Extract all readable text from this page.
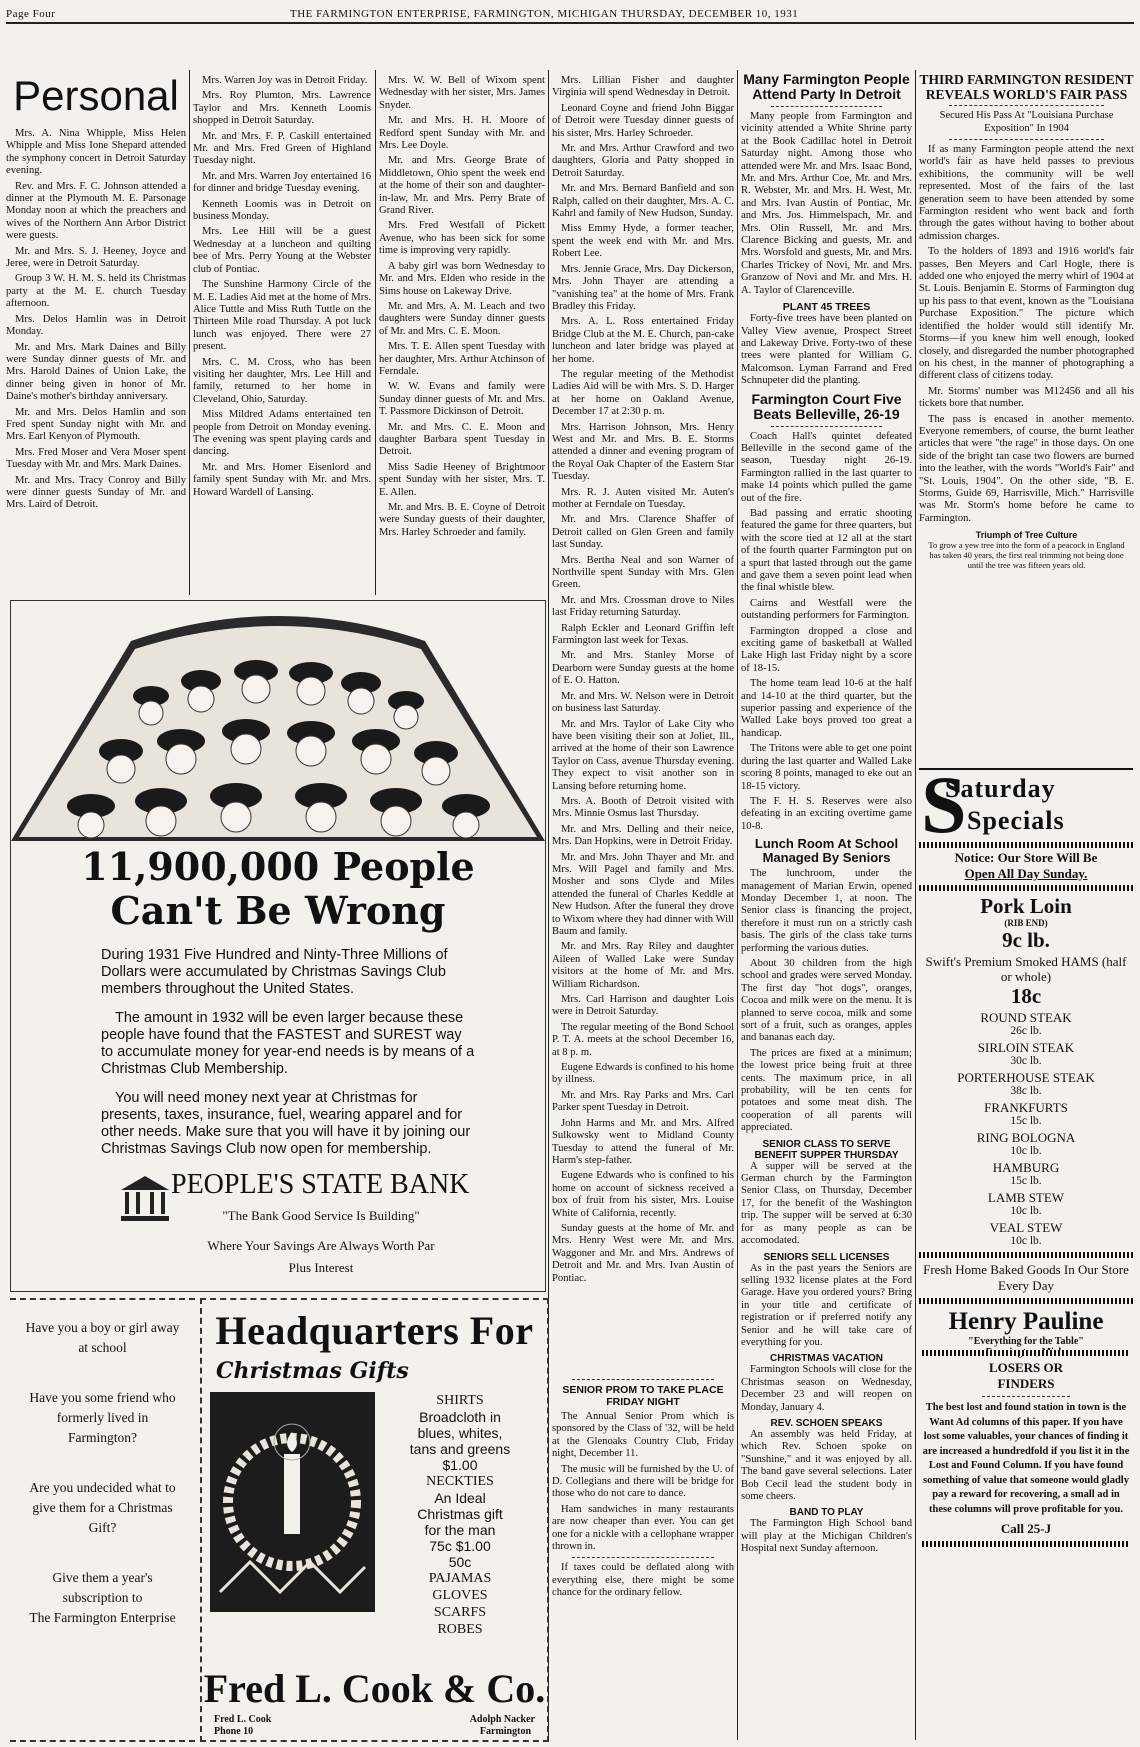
Page Four	THE FARMINGTON ENTERPRISE, FARMINGTON, MICHIGAN THURSDAY, DECEMBER 10, 1931
Personal

Mrs. A. Nina Whipple, Miss Helen Whipple and Miss Ione Shepard attended the symphony concert in Detroit Saturday evening.

Rev. and Mrs. F. C. Johnson attended a dinner at the Plymouth M. E. Parsonage Monday noon at which the preachers and wives of the Northern Ann Arbor District were guests.

Mr. and Mrs. S. J. Heeney, Joyce and Jeree, were in Detroit Saturday.

Group 3 W. H. M. S. held its Christmas party at the M. E. church Tuesday afternoon.

Mrs. Delos Hamlin was in Detroit Monday.

Mr. and Mrs. Mark Daines and Billy were Sunday dinner guests of Mr. and Mrs. Harold Daines of Union Lake, the dinner being given in honor of Mr. Daine's mother's birthday anniversary.

Mr. and Mrs. Delos Hamlin and son Fred spent Sunday night with Mr. and Mrs. Earl Kenyon of Plymouth.

Mrs. Fred Moser and Vera Moser spent Tuesday with Mr. and Mrs. Mark Daines.

Mr. and Mrs. Tracy Conroy and Billy were dinner guests Sunday of Mr. and Mrs. Laird of Detroit.

Mrs. Warren Joy was in Detroit Friday.

Mrs. Roy Plumton, Mrs. Lawrence Taylor and Mrs. Kenneth Loomis shopped in Detroit Saturday.

Mr. and Mrs. F. P. Caskill entertained Mr. and Mrs. Fred Green of Highland Tuesday night.

Mr. and Mrs. Warren Joy entertained 16 for dinner and bridge Tuesday evening.

Kenneth Loomis was in Detroit on business Monday.

Mrs. Lee Hill will be a guest Wednesday at a luncheon and quilting bee of Mrs. Perry Young at the Webster club of Pontiac.

The Sunshine Harmony Circle of the M. E. Ladies Aid met at the home of Mrs. Alice Tuttle and Miss Ruth Tuttle on the Thirteen Mile road Thursday. A pot luck lunch was enjoyed. There were 27 present.

Mrs. C. M. Cross, who has been visiting her daughter, Mrs. Lee Hill and family, returned to her home in Cleveland, Ohio, Saturday.

Miss Mildred Adams entertained ten people from Detroit on Monday evening. The evening was spent playing cards and dancing.

Mr. and Mrs. Homer Eisenlord and family spent Sunday with Mr. and Mrs. Howard Wardell of Lansing.

Mrs. W. W. Bell of Wixom spent Wednesday with her sister, Mrs. James Snyder.

Mr. and Mrs. H. H. Moore of Redford spent Sunday with Mr. and Mrs. Lee Doyle.

Mr. and Mrs. George Brate of Middletown, Ohio spent the week end at the home of their son and daughter-in-law, Mr. and Mrs. Perry Brate of Grand River.

Mrs. Fred Westfall of Pickett Avenue, who has been sick for some time is improving very rapidly.

A baby girl was born Wednesday to Mr. and Mrs. Elden who reside in the Sims house on Lakeway Drive.

Mr. and Mrs. A. M. Leach and two daughters were Sunday dinner guests of Mr. and Mrs. C. E. Moon.

Mrs. T. E. Allen spent Tuesday with her daughter, Mrs. Arthur Atchinson of Ferndale.

W. W. Evans and family were Sunday dinner guests of Mr. and Mrs. T. Passmore Dickinson of Detroit.

Mr. and Mrs. C. E. Moon and daughter Barbara spent Tuesday in Detroit.

Miss Sadie Heeney of Brightmoor spent Sunday with her sister, Mrs. T. E. Allen.

Mr. and Mrs. B. E. Coyne of Detroit were Sunday guests of their daughter, Mrs. Harley Schroeder and family.

Mrs. Lillian Fisher and daughter Virginia will spend Wednesday in Detroit.

Leonard Coyne and friend John Biggar of Detroit were Tuesday dinner guests of his sister, Mrs. Harley Schroeder.

Mr. and Mrs. Arthur Crawford and two daughters, Gloria and Patty shopped in Detroit Saturday.

Mr. and Mrs. Bernard Banfield and son Ralph, called on their daughter, Mrs. A. C. Kahrl and family of New Hudson, Sunday.

Miss Emmy Hyde, a former teacher, spent the week end with Mr. and Mrs. Robert Lee.

Mrs. Jennie Grace, Mrs. Day Dickerson, Mrs. John Thayer are attending a "vanishing tea" at the home of Mrs. Frank Bradley this Friday.

Mrs. A. L. Ross entertained Friday Bridge Club at the M. E. Church, pan-cake luncheon and later bridge was played at her home.

The regular meeting of the Methodist Ladies Aid will be with Mrs. S. D. Harger at her home on Oakland Avenue, December 17 at 2:30 p. m.

Mrs. Harrison Johnson, Mrs. Henry West and Mr. and Mrs. B. E. Storms attended a dinner and evening program of the Royal Oak Chapter of the Eastern Star Tuesday.

Mrs. R. J. Auten visited Mr. Auten's mother at Ferndale on Tuesday.

Mr. and Mrs. Clarence Shaffer of Detroit called on Glen Green and family last Sunday.

Mrs. Bertha Neal and son Warner of Northville spent Sunday with Mrs. Glen Green.

Mr. and Mrs. Crossman drove to Niles last Friday returning Saturday.

Ralph Eckler and Leonard Griffin left Farmington last week for Texas.

Mr. and Mrs. Stanley Morse of Dearborn were Sunday guests at the home of E. O. Hatton.

Mr. and Mrs. W. Nelson were in Detroit on business last Saturday.

Mr. and Mrs. Taylor of Lake City who have been visiting their son at Joliet, Ill., arrived at the home of their son Lawrence Taylor on Cass, avenue Thursday evening. They expect to visit another son in Lansing before returning home.

Mrs. A. Booth of Detroit visited with Mrs. Minnie Osmus last Thursday.

Mr. and Mrs. Delling and their neice, Mrs. Dan Hopkins, were in Detroit Friday.

Mr. and Mrs. John Thayer and Mr. and Mrs. Will Pagel and family and Mrs. Mosher and sons Clyde and Miles attended the funeral of Charles Keddle at New Hudson. After the funeral they drove to Wixom where they had dinner with Will Baum and family.

Mr. and Mrs. Ray Riley and daughter Aileen of Walled Lake were Sunday visitors at the home of Mr. and Mrs. William Richardson.

Mrs. Carl Harrison and daughter Lois were in Detroit Saturday.

The regular meeting of the Bond School P. T. A. meets at the school December 16, at 8 p. m.

Eugene Edwards is confined to his home by illness.

Mr. and Mrs. Ray Parks and Mrs. Carl Parker spent Tuesday in Detroit.

John Harms and Mr. and Mrs. Alfred Sulkowsky went to Midland County Tuesday to attend the funeral of Mr. Harm's step-father.

Eugene Edwards who is confined to his home on account of sickness received a box of fruit from his sister, Mrs. Louise White of California, recently.

Sunday guests at the home of Mr. and Mrs. Henry West were Mr. and Mrs. Waggoner and Mr. and Mrs. Andrews of Detroit and Mr. and Mrs. Ivan Austin of Pontiac.

SENIOR PROM TO TAKE PLACE FRIDAY NIGHT

The Annual Senior Prom which is sponsored by the Class of '32, will be held at the Glenoaks Country Club, Friday night, December 11.

The music will be furnished by the U. of D. Collegians and there will be bridge for those who do not care to dance.

Ham sandwiches in many restaurants are now cheaper than ever. You can get one for a nickle with a cellophane wrapper thrown in.

If taxes could be deflated along with everything else, there might be some chance for the ordinary fellow.

Many Farmington People Attend Party In Detroit

Many people from Farmington and vicinity attended a White Shrine party at the Book Cadillac hotel in Detroit Saturday night. Among those who attended were Mr. and Mrs. Isaac Bond, Mr. and Mrs. Arthur Coe, Mr. and Mrs. R. Webster, Mr. and Mrs. H. West, Mr. and Mrs. Ivan Austin of Pontiac, Mr. and Mrs. Jos. Himmelspach, Mr. and Mrs. Olin Russell, Mr. and Mrs. Clarence Bicking and guests, Mr. and Mrs. Worsfold and guests, Mr. and Mrs. Charles Trickey of Novi, Mr. and Mrs. Granzow of Novi and Mr. and Mrs. H. A. Taylor of Clarenceville.

PLANT 45 TREES

Forty-five trees have been planted on Valley View avenue, Prospect Street and Lakeway Drive. Forty-two of these trees were planted for William G. Malcomson. Lyman Farrand and Fred Schnupeter did the planting.

Farmington Court Five Beats Belleville, 26-19

Coach Hall's quintet defeated Belleville in the second game of the season, Tuesday night 26-19. Farmington rallied in the last quarter to make 14 points which pulled the game out of the fire.

Bad passing and erratic shooting featured the game for three quarters, but with the score tied at 12 all at the start of the fourth quarter Farmington put on a spurt that lasted through out the game and gave them a seven point lead when the final whistle blew.

Cairns and Westfall were the outstanding performers for Farmington.

Farmington dropped a close and exciting game of basketball at Walled Lake High last Friday night by a score of 18-15.

The home team lead 10-6 at the half and 14-10 at the third quarter, but the superior passing and experience of the Walled Lake boys proved too great a handicap.

The Tritons were able to get one point during the last quarter and Walled Lake scoring 8 points, managed to eke out an 18-15 victory.

The F. H. S. Reserves were also defeating in an exciting overtime game 10-8.

Lunch Room At School Managed By Seniors

The lunchroom, under the management of Marian Erwin, opened Monday December 1, at noon. The Senior class is financing the project, therefore it must run on a strictly cash basis. The girls of the class take turns performing the various duties.

About 30 children from the high school and grades were served Monday. The first day "hot dogs", oranges, Cocoa and milk were on the menu. It is planned to serve cocoa, milk and some sort of a fruit, such as oranges, apples and bananas each day.

The prices are fixed at a minimum; the lowest price being fruit at three cents. The maximum price, in all probability, will be ten cents for potatoes and some meat dish. The cooperation of all parents will appreciated.

SENIOR CLASS TO SERVE BENEFIT SUPPER THURSDAY

A supper will be served at the German church by the Farmington Senior Class, on Thursday, December 17, for the benefit of the Washington trip. The supper will be served at 6:30 for as many people as can be accomodated.

SENIORS SELL LICENSES

As in the past years the Seniors are selling 1932 license plates at the Ford Garage. Have you ordered yours? Bring in your title and certificate of registration or if preferred notify any Senior and he will take care of everything for you.

CHRISTMAS VACATION

Farmington Schools will close for the Christmas season on Wednesday, December 23 and will reopen on Monday, January 4.

REV. SCHOEN SPEAKS

An assembly was held Friday, at which Rev. Schoen spoke on "Sunshine," and it was enjoyed by all. The band gave several selections. Later Bob Cecil lead the student body in some cheers.

BAND TO PLAY

The Farmington High School band will play at the Michigan Children's Hospital next Sunday afternoon.

THIRD FARMINGTON RESIDENT REVEALS WORLD'S FAIR PASS
Secured His Pass At "Louisiana Purchase Exposition" In 1904

If as many Farmington people attend the next world's fair as have held passes to previous exhibitions, the community will be well represented. Most of the fairs of the last generation seem to have been attended by some Farmington resident who went back and forth through the gates without having to bother about admission charges.

To the holders of 1893 and 1916 world's fair passes, Ben Meyers and Carl Hogle, there is added one who enjoyed the merry whirl of 1904 at St. Louis. Benjamin E. Storms of Farmington dug up his pass to that event, known as the "Louisiana Purchase Exposition." The picture which identified the holder would still identify Mr. Storms—if you knew him well enough, looked closely, and disregarded the number photographed on his chest, in the manner of photographing a different class of citizens today.

Mr. Storms' number was M12456 and all his tickets bore that number.

The pass is encased in another memento. Everyone remembers, of course, the burnt leather articles that were "the rage" in those days. On one side of the bright tan case two flowers are burned into the leather, with the words "World's Fair" and "St. Louis, 1904". On the other side, "B. E. Storms, Guide 69, Harrisville, Mich." Harrisville was Mr. Storm's home before he came to Farmington.

Triumph of Tree Culture
To grow a yew tree into the form of a peacock in England has taken 40 years, the first real trimming not being done until the tree was fifteen years old.
S
Saturday
Specials
Notice: Our Store Will Be
Open All Day Sunday.
Pork Loin
(RIB END)
9c lb.
Swift's Premium Smoked HAMS (half or whole)
18c
ROUND STEAK
26c lb.
SIRLOIN STEAK
30c lb.
PORTERHOUSE STEAK
38c lb.
FRANKFURTS
15c lb.
RING BOLOGNA
10c lb.
HAMBURG
15c lb.
LAMB STEW
10c lb.
VEAL STEW
10c lb.
Fresh Home Baked Goods In Our Store Every Day
Henry Pauline
"Everything for the Table"
LOSERS OR
FINDERS
The best lost and found station in town is the Want Ad columns of this paper. If you have lost some valuables, your chances of finding it are increased a hundredfold if you list it in the Lost and Found Column. If you have found something of value that someone would gladly pay a reward for recovering, a small ad in these columns will prove profitable for you.
Call 25-J
11,900,000 People
Can't Be Wrong
During 1931 Five Hundred and Ninty-Three Millions of Dollars were accumulated by Christmas Savings Club members throughout the United States.
The amount in 1932 will be even larger because these people have found that the FASTEST and SUREST way to accumulate money for year-end needs is by means of a Christmas Club Membership.
You will need money next year at Christmas for presents, taxes, insurance, fuel, wearing apparel and for other needs. Make sure that you will have it by joining our Christmas Savings Club now open for membership.
PEOPLE'S STATE BANK
"The Bank Good Service Is Building"
Where Your Savings Are Always Worth Par
Plus Interest
Have you a boy or girl away
at school
Have you some friend who
formerly lived in
Farmington?
Are you undecided what to
give them for a Christmas
Gift?
Give them a year's
subscription to
The Farmington Enterprise
Headquarters For
Christmas Gifts
SHIRTS
Broadcloth in
blues, whites,
tans and greens
$1.00
NECKTIES
An Ideal
Christmas gift
for the man
75c $1.00
50c
PAJAMAS
GLOVES
SCARFS
ROBES
Fred L. Cook & Co.
Fred L. Cook
Phone 10
Adolph Nacker
Farmington
